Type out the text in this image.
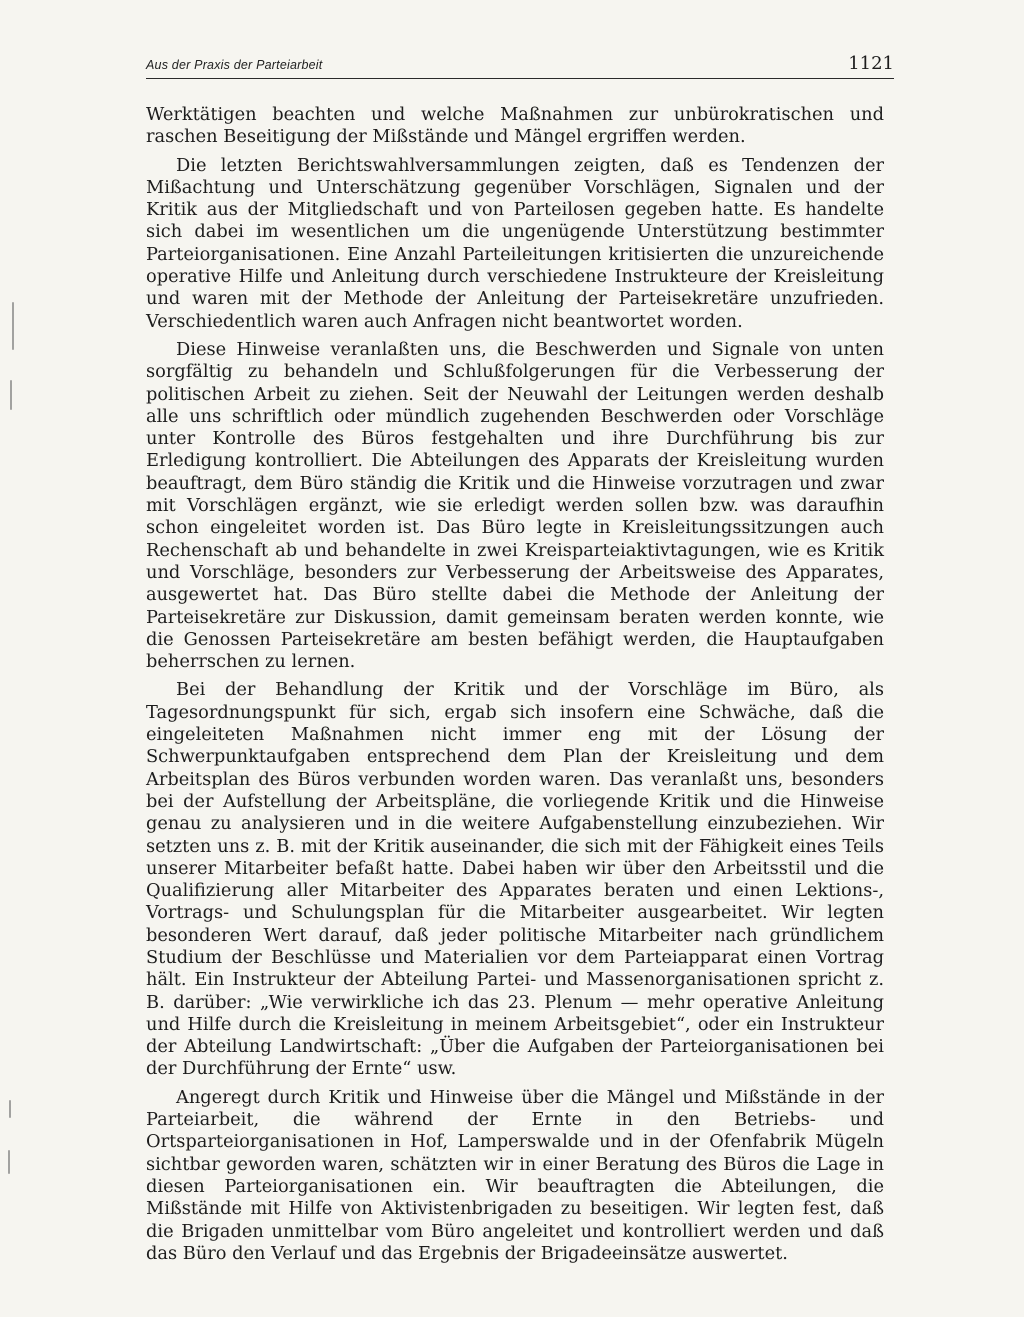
Aus der Praxis der Parteiarbeit	1121

Werktätigen beachten und welche Maßnahmen zur unbürokratischen und raschen Beseitigung der Mißstände und Mängel ergriffen werden.

Die letzten Berichtswahlversammlungen zeigten, daß es Tendenzen der Mißachtung und Unterschätzung gegenüber Vorschlägen, Signalen und der Kritik aus der Mitgliedschaft und von Parteilosen gegeben hatte. Es handelte sich dabei im wesentlichen um die ungenügende Unterstützung bestimmter Parteiorganisationen. Eine Anzahl Parteileitungen kritisierten die unzureichende operative Hilfe und Anleitung durch verschiedene Instrukteure der Kreisleitung und waren mit der Methode der Anleitung der Parteisekretäre unzufrieden. Verschiedentlich waren auch Anfragen nicht beantwortet worden.

Diese Hinweise veranlaßten uns, die Beschwerden und Signale von unten sorgfältig zu behandeln und Schlußfolgerungen für die Verbesserung der politischen Arbeit zu ziehen. Seit der Neuwahl der Leitungen werden deshalb alle uns schriftlich oder mündlich zugehenden Beschwerden oder Vorschläge unter Kontrolle des Büros festgehalten und ihre Durchführung bis zur Erledigung kontrolliert. Die Abteilungen des Apparats der Kreisleitung wurden beauftragt, dem Büro ständig die Kritik und die Hinweise vorzutragen und zwar mit Vorschlägen ergänzt, wie sie erledigt werden sollen bzw. was daraufhin schon eingeleitet worden ist. Das Büro legte in Kreisleitungssitzungen auch Rechenschaft ab und behandelte in zwei Kreisparteiaktivtagungen, wie es Kritik und Vorschläge, besonders zur Verbesserung der Arbeitsweise des Apparates, ausgewertet hat. Das Büro stellte dabei die Methode der Anleitung der Parteisekretäre zur Diskussion, damit gemeinsam beraten werden konnte, wie die Genossen Parteisekretäre am besten befähigt werden, die Hauptaufgaben beherrschen zu lernen.

Bei der Behandlung der Kritik und der Vorschläge im Büro, als Tagesordnungspunkt für sich, ergab sich insofern eine Schwäche, daß die eingeleiteten Maßnahmen nicht immer eng mit der Lösung der Schwerpunktaufgaben entsprechend dem Plan der Kreisleitung und dem Arbeitsplan des Büros verbunden worden waren. Das veranlaßt uns, besonders bei der Aufstellung der Arbeitspläne, die vorliegende Kritik und die Hinweise genau zu analysieren und in die weitere Aufgabenstellung einzubeziehen. Wir setzten uns z. B. mit der Kritik auseinander, die sich mit der Fähigkeit eines Teils unserer Mitarbeiter befaßt hatte. Dabei haben wir über den Arbeitsstil und die Qualifizierung aller Mitarbeiter des Apparates beraten und einen Lektions-, Vortrags- und Schulungsplan für die Mitarbeiter ausgearbeitet. Wir legten besonderen Wert darauf, daß jeder politische Mitarbeiter nach gründlichem Studium der Beschlüsse und Materialien vor dem Parteiapparat einen Vortrag hält. Ein Instrukteur der Abteilung Partei- und Massenorganisationen spricht z. B. darüber: „Wie verwirkliche ich das 23. Plenum — mehr operative Anleitung und Hilfe durch die Kreisleitung in meinem Arbeitsgebiet“, oder ein Instrukteur der Abteilung Landwirtschaft: „Über die Aufgaben der Parteiorganisationen bei der Durchführung der Ernte“ usw.

Angeregt durch Kritik und Hinweise über die Mängel und Mißstände in der Parteiarbeit, die während der Ernte in den Betriebs- und Ortsparteiorganisationen in Hof, Lamperswalde und in der Ofenfabrik Mügeln sichtbar geworden waren, schätzten wir in einer Beratung des Büros die Lage in diesen Parteiorganisationen ein. Wir beauftragten die Abteilungen, die Mißstände mit Hilfe von Aktivistenbrigaden zu beseitigen. Wir legten fest, daß die Brigaden unmittelbar vom Büro angeleitet und kontrolliert werden und daß das Büro den Verlauf und das Ergebnis der Brigadeeinsätze auswertet.
